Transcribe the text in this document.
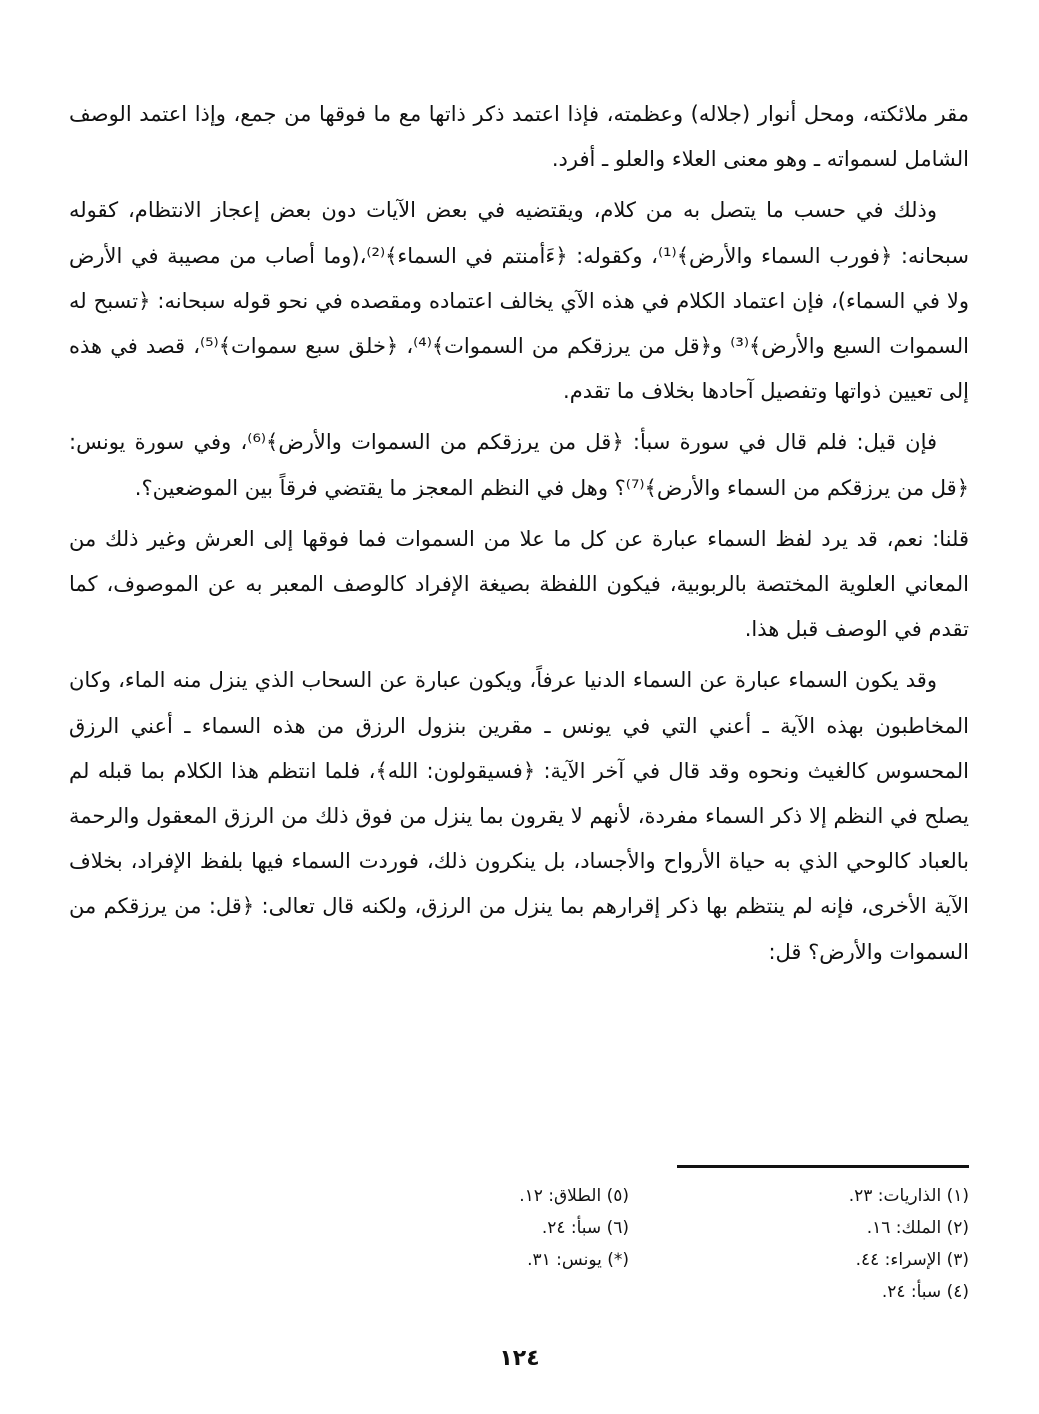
مقر ملائكته، ومحل أنوار (جلاله) وعظمته، فإذا اعتمد ذكر ذاتها مع ما فوقها من جمع، وإذا اعتمد الوصف الشامل لسمواته ـ وهو معنى العلاء والعلو ـ أفرد.

وذلك في حسب ما يتصل به من كلام، ويقتضيه في بعض الآيات دون بعض إعجاز الانتظام، كقوله سبحانه: ﴿فورب السماء والأرض﴾⁽¹⁾، وكقوله: ﴿ءَأمنتم في السماء﴾⁽²⁾،(وما أصاب من مصيبة في الأرض ولا في السماء)، فإن اعتماد الكلام في هذه الآي يخالف اعتماده ومقصده في نحو قوله سبحانه: ﴿تسبح له السموات السبع والأرض﴾⁽³⁾ و﴿قل من يرزقكم من السموات﴾⁽⁴⁾، ﴿خلق سبع سموات﴾⁽⁵⁾، قصد في هذه إلى تعيين ذواتها وتفصيل آحادها بخلاف ما تقدم.

فإن قيل: فلم قال في سورة سبأ: ﴿قل من يرزقكم من السموات والأرض﴾⁽⁶⁾، وفي سورة يونس: ﴿قل من يرزقكم من السماء والأرض﴾⁽⁷⁾؟ وهل في النظم المعجز ما يقتضي فرقاً بين الموضعين؟.

قلنا: نعم، قد يرد لفظ السماء عبارة عن كل ما علا من السموات فما فوقها إلى العرش وغير ذلك من المعاني العلوية المختصة بالربوبية، فيكون اللفظة بصيغة الإفراد كالوصف المعبر به عن الموصوف، كما تقدم في الوصف قبل هذا.

وقد يكون السماء عبارة عن السماء الدنيا عرفاً، ويكون عبارة عن السحاب الذي ينزل منه الماء، وكان المخاطبون بهذه الآية ـ أعني التي في يونس ـ مقرين بنزول الرزق من هذه السماء ـ أعني الرزق المحسوس كالغيث ونحوه وقد قال في آخر الآية: ﴿فسيقولون: الله﴾، فلما انتظم هذا الكلام بما قبله لم يصلح في النظم إلا ذكر السماء مفردة، لأنهم لا يقرون بما ينزل من فوق ذلك من الرزق المعقول والرحمة بالعباد كالوحي الذي به حياة الأرواح والأجساد، بل ينكرون ذلك، فوردت السماء فيها بلفظ الإفراد، بخلاف الآية الأخرى، فإنه لم ينتظم بها ذكر إقرارهم بما ينزل من الرزق، ولكنه قال تعالى: ﴿قل: من يرزقكم من السموات والأرض؟ قل:

(١) الذاريات: ٢٣.
(٢) الملك: ١٦.
(٣) الإسراء: ٤٤.
(٤) سبأ: ٢٤.
(٥) الطلاق: ١٢.
(٦) سبأ: ٢٤.
(*) يونس: ٣١.
١٢٤
